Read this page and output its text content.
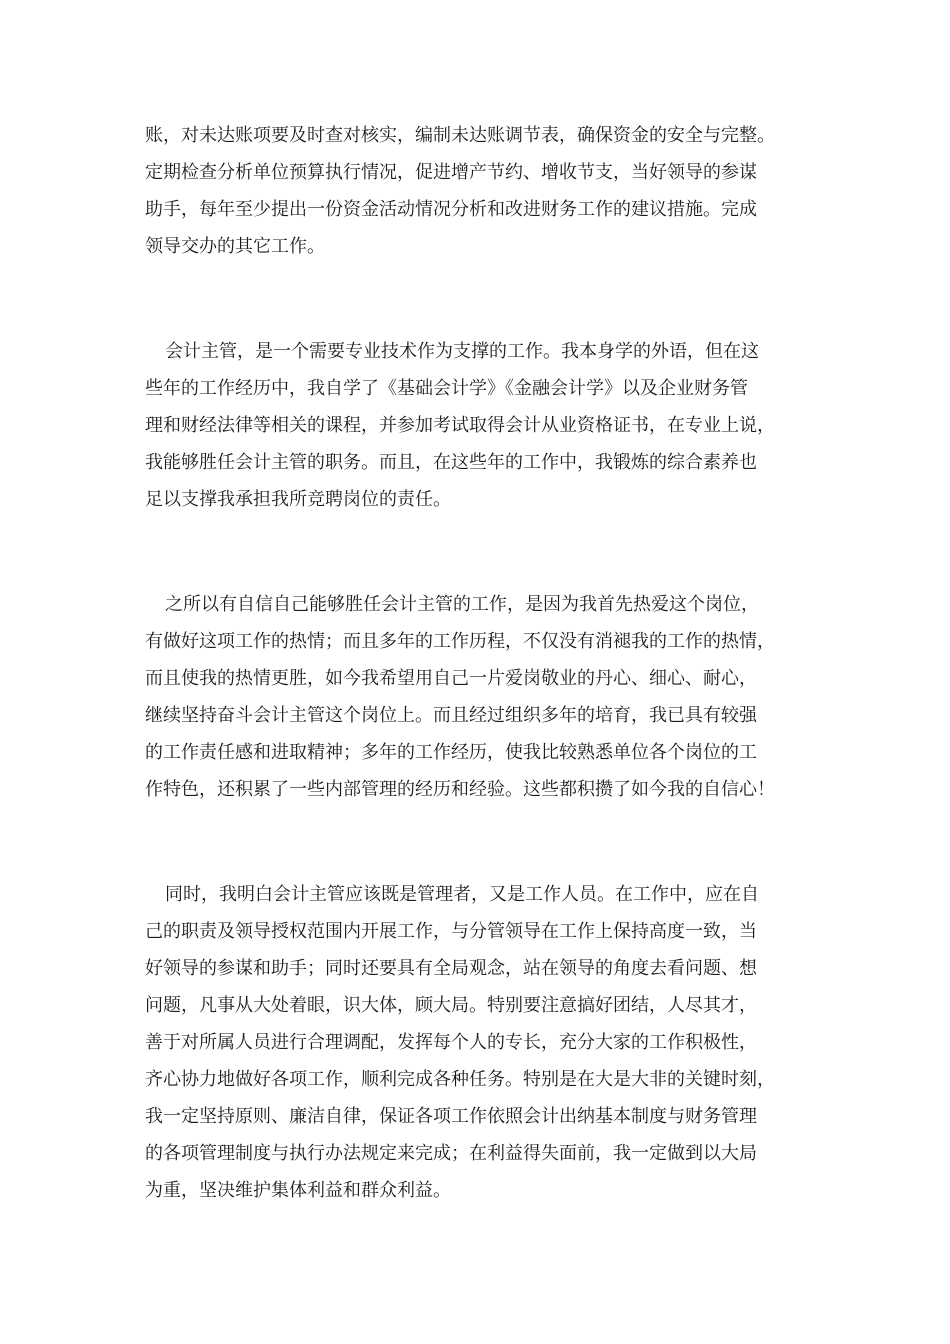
账，对未达账项要及时查对核实，编制未达账调节表，确保资金的安全与完整。
定期检查分析单位预算执行情况，促进增产节约、增收节支，当好领导的参谋
助手，每年至少提出一份资金活动情况分析和改进财务工作的建议措施。完成
领导交办的其它工作。

会计主管，是一个需要专业技术作为支撑的工作。我本身学的外语，但在这
些年的工作经历中，我自学了《基础会计学》《金融会计学》以及企业财务管
理和财经法律等相关的课程，并参加考试取得会计从业资格证书，在专业上说，
我能够胜任会计主管的职务。而且，在这些年的工作中，我锻炼的综合素养也
足以支撑我承担我所竞聘岗位的责任。

之所以有自信自己能够胜任会计主管的工作，是因为我首先热爱这个岗位，
有做好这项工作的热情；而且多年的工作历程，不仅没有消褪我的工作的热情，
而且使我的热情更胜，如今我希望用自己一片爱岗敬业的丹心、细心、耐心，
继续坚持奋斗会计主管这个岗位上。而且经过组织多年的培育，我已具有较强
的工作责任感和进取精神；多年的工作经历，使我比较熟悉单位各个岗位的工
作特色，还积累了一些内部管理的经历和经验。这些都积攒了如今我的自信心！

同时，我明白会计主管应该既是管理者，又是工作人员。在工作中，应在自
己的职责及领导授权范围内开展工作，与分管领导在工作上保持高度一致，当
好领导的参谋和助手；同时还要具有全局观念，站在领导的角度去看问题、想
问题，凡事从大处着眼，识大体，顾大局。特别要注意搞好团结，人尽其才，
善于对所属人员进行合理调配，发挥每个人的专长，充分大家的工作积极性，
齐心协力地做好各项工作，顺利完成各种任务。特别是在大是大非的关键时刻，
我一定坚持原则、廉洁自律，保证各项工作依照会计出纳基本制度与财务管理
的各项管理制度与执行办法规定来完成；在利益得失面前，我一定做到以大局
为重，坚决维护集体利益和群众利益。
